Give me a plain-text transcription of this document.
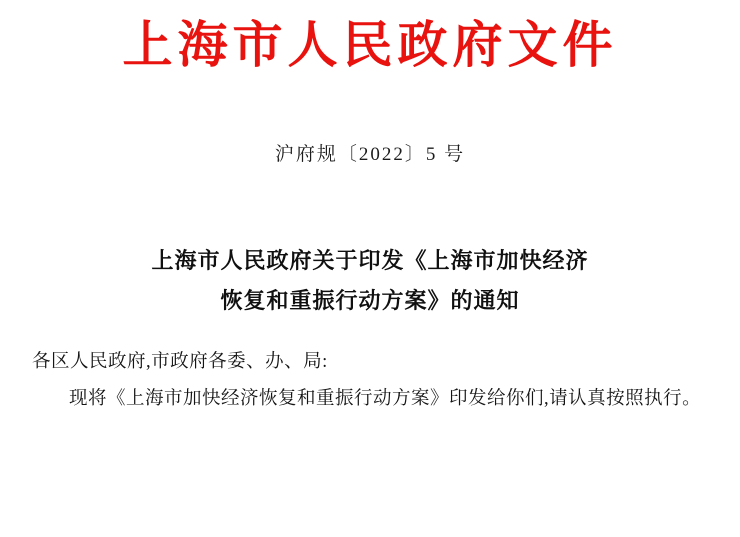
上海市人民政府文件
沪府规〔2022〕5 号
上海市人民政府关于印发《上海市加快经济
恢复和重振行动方案》的通知

各区人民政府,市政府各委、办、局:

现将《上海市加快经济恢复和重振行动方案》印发给你们,请认真按照执行。
